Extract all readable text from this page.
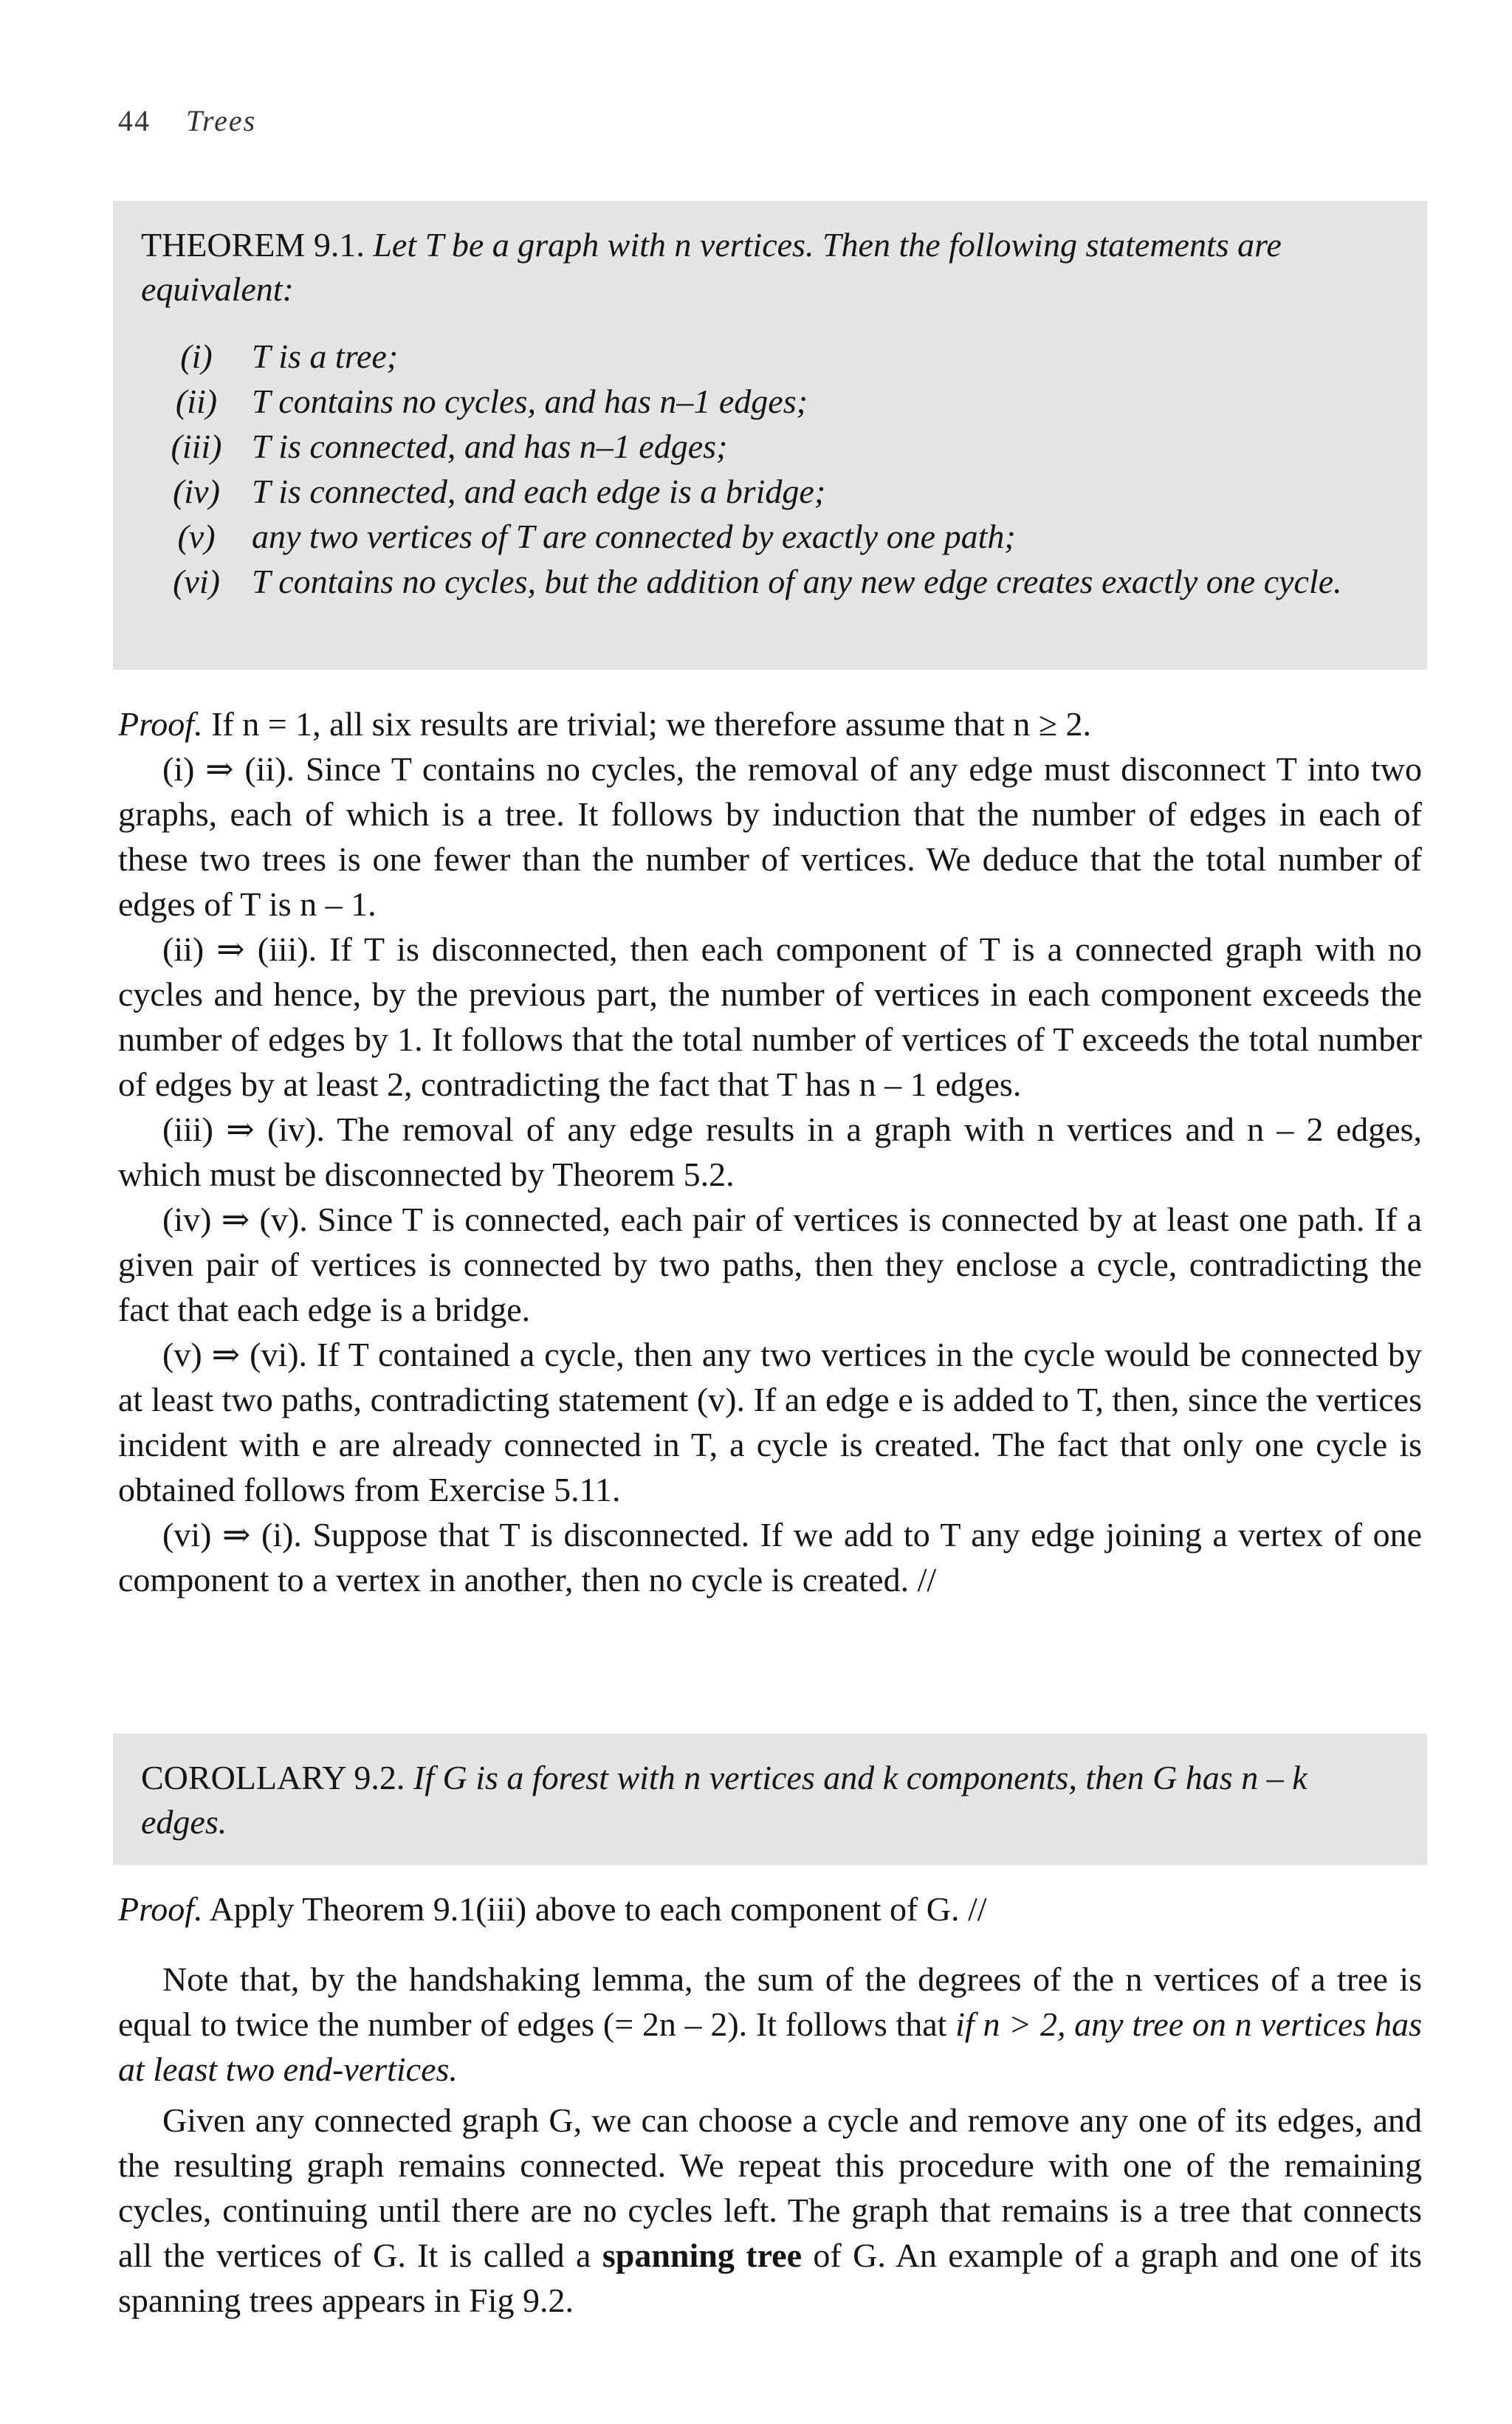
44 Trees

THEOREM 9.1. Let T be a graph with n vertices. Then the following statements are equivalent:

(i)	T is a tree;
(ii)	T contains no cycles, and has n–1 edges;
(iii) T is connected, and has n–1 edges;
(iv) T is connected, and each edge is a bridge;
(v)	any two vertices of T are connected by exactly one path;
(vi) T contains no cycles, but the addition of any new edge creates exactly one cycle.

Proof. If n = 1, all six results are trivial; we therefore assume that n ≥ 2.

(i) ⇒ (ii). Since T contains no cycles, the removal of any edge must disconnect T into two graphs, each of which is a tree. It follows by induction that the number of edges in each of these two trees is one fewer than the number of vertices. We deduce that the total number of edges of T is n – 1.

(ii) ⇒ (iii). If T is disconnected, then each component of T is a connected graph with no cycles and hence, by the previous part, the number of vertices in each component exceeds the number of edges by 1. It follows that the total number of vertices of T exceeds the total number of edges by at least 2, contradicting the fact that T has n – 1 edges.

(iii) ⇒ (iv). The removal of any edge results in a graph with n vertices and n – 2 edges, which must be disconnected by Theorem 5.2.

(iv) ⇒ (v). Since T is connected, each pair of vertices is connected by at least one path. If a given pair of vertices is connected by two paths, then they enclose a cycle, contradicting the fact that each edge is a bridge.

(v) ⇒ (vi). If T contained a cycle, then any two vertices in the cycle would be connected by at least two paths, contradicting statement (v). If an edge e is added to T, then, since the vertices incident with e are already connected in T, a cycle is created. The fact that only one cycle is obtained follows from Exercise 5.11.

(vi) ⇒ (i). Suppose that T is disconnected. If we add to T any edge joining a vertex of one component to a vertex in another, then no cycle is created. //

COROLLARY 9.2. If G is a forest with n vertices and k components, then G has n – k edges.

Proof. Apply Theorem 9.1(iii) above to each component of G. //

Note that, by the handshaking lemma, the sum of the degrees of the n vertices of a tree is equal to twice the number of edges (= 2n – 2). It follows that if n > 2, any tree on n vertices has at least two end-vertices.

Given any connected graph G, we can choose a cycle and remove any one of its edges, and the resulting graph remains connected. We repeat this procedure with one of the remaining cycles, continuing until there are no cycles left. The graph that remains is a tree that connects all the vertices of G. It is called a spanning tree of G. An example of a graph and one of its spanning trees appears in Fig 9.2.
